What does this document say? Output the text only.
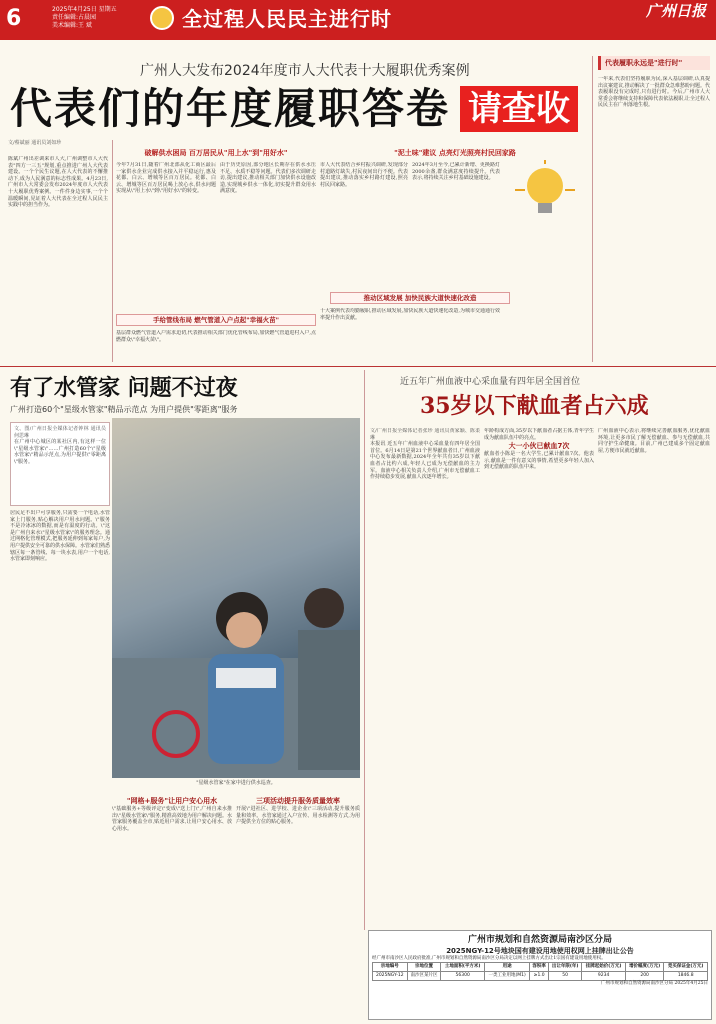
6	2025年4月25日 星期五
责任编辑:占晨园
美术编辑:王 斌	全过程人民民主进行时	广州日报
广州人大发布2024年度市人大代表十大履职优秀案例
代表们的年度履职答卷 请查收
文/蔡斌丽 通讯员刘如珍
陈斌广州出差调来市人大,广州调整市人大代表"四方一三五"规划,重点推进广州人大代表建设。一个个民生议题,在人大代表的不懈推动下,成为人民满意的标志性成果。4月23日,广州市人大常委会发布2024年度市人大代表十大履职优秀案例。一件件身边实事,一个个温暖瞬间,见证着人大代表在全过程人民民主实践中的担当作为。
破解供水困局 百万居民从"用上水"到"用好水"	"泥土味"建议 点亮灯光照亮村民回家路
今年7月31日,随着广州北部从化工商区最后一家供水企业完成供水接入并平稳运行,惠及花都、白云、增城等区百万居民。花都、白云、增城等区百万居民喝上放心水,供水问题实现从\"用上水\"到\"用好水\"的转变。
由于历史原因,部分地区长期存在供水水压不足、水质不稳等问题。代表们多次调研走访,提出建议,推动相关部门加快供水设施改造,实现城乡供水一体化,切实提升群众用水满意度。
市人大代表结合乡村振兴调研,发现部分村道路灯缺失,村民夜间出行不便。代表提出建议,推动落实乡村路灯建设,照亮村民回家路。
2024年3月至今,已累计新增、更换路灯2000余盏,群众满意度持续提升。代表表示,将持续关注乡村基础设施建设。
手给管线布局 燃气管道入户点起"幸福火苗"
推动区域发展 加快民族大道快速化改造
基层群众燃气管道入户需求迫切,代表推动相关部门优化管线布局,加快燃气管道进村入户,点燃群众\"幸福火苗\"。
十大案例代表均勤履职,推动区域发展,加快民族大道快速化改造,为城市交通通行效率提升作出贡献。
代表履职永远是"进行时"
一年来,代表们坚持履职为民,深入基层调研,认真提出议案建议,推动解决了一批群众急难愁盼问题。代表履职没有完成时,只有进行时。今后,广州市人大常委会将继续支持和保障代表依法履职,让全过程人民民主在广州落地生根。
有了水管家 问题不过夜
广州打造60个"星级水管家"精品示范点 为用户提供"零距离"服务
文、图/广州日报全媒体记者钟林 通讯员何思琳
在广州中心城区的某社区内,有这样一位\"星级水管家\"……广州打造60个\"星级水管家\"精品示范点,为用户提供\"零距离\"服务。
"星级水管家"在家中进行供水巡查。
居民足不出户可享服务,只需要一个电话,水管家上门服务,贴心解决用户用水问题。\"服务不是冷冰冰的数据,而是有温度的行动。\"这是广州自来水\"星级水管家\"的服务理念。通过网格化管理模式,把服务延伸到每家每户,为用户提供安全可靠的供水保障。水管家们熟悉辖区每一条管线、每一块水表,用户一个电话,水管家即刻响应。
"网格+服务"让用户安心用水
\"基础服务+等级评定\"变成\"送上门\",广州自来水推出\"星级水管家\"服务,精准高效地为用户解决问题。水管家服务覆盖全市,贴近用户需求,让用户安心用水、放心用水。
三项活动提升服务质量效率
开展\"进社区、进学校、进企业\"三项活动,提升服务质量和效率。水管家通过入户宣传、用水检测等方式,为用户提供全方位的贴心服务。
近五年广州血液中心采血量有四年居全国首位
35岁以下献血者占六成
文/广州日报全媒体记者张珍 通讯员黄家颖、陈柔琳
本报讯 近五年广州血液中心采血量有四年居全国首位。6月14日是第21个世界献血者日,广州血液中心发布最新数据,2024年全年共有35岁以下献血者占比约六成,年轻人已成为无偿献血的主力军。血液中心相关负责人介绍,广州市无偿献血工作持续稳步发展,献血人次逐年增长。
年龄构成方面,35岁以下献血者占据主体,青年学生成为献血队伍中的亮点。
大一小伙已献血7次
献血者小陈是一名大学生,已累计献血7次。他表示,献血是一件有意义的事情,希望更多年轻人加入到无偿献血的队伍中来。
广州血液中心表示,将继续完善献血服务,优化献血环境,让更多市民了解无偿献血、参与无偿献血,共同守护生命健康。目前,广州已建成多个固定献血屋,方便市民就近献血。
广州市规划和自然资源局南沙区分局
2025NGY-12号地块国有建设用地使用权网上挂牌出让公告
经广州市南沙区人民政府批准,广州市规划和自然资源局南沙区分局决定以网上挂牌方式出让1宗国有建设用地使用权。
宗地编号	宗地位置	土地面积(平方米)	用途	容积率	出让年限(年)	挂牌起始价(万元)	增价幅度(万元)	竞买保证金(万元)
2025NGY-12	南沙区某片区	56300	一类工业用地(M1)	≥1.0	50	9234	200	1846.8
广州市规划和自然资源局南沙区分局 2025年4月25日
